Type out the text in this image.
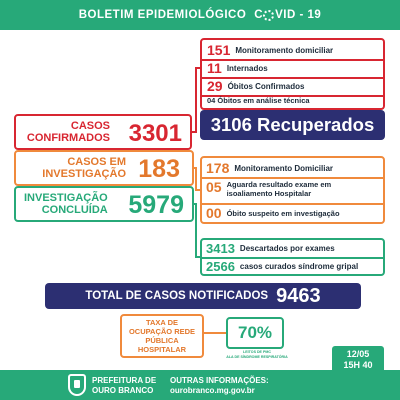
BOLETIM EPIDEMIOLÓGICO C VID - 19
151 Monitoramento domiciliar
11 Internados
29 Óbitos Confirmados
04 Óbitos em análise técnica
3106 Recuperados
CASOS
CONFIRMADOS 3301
CASOS EM
INVESTIGAÇÃO 183
INVESTIGAÇÃO
CONCLUÍDA 5979
178 Monitoramento Domiciliar
05 Aguarda resultado exame em
isoaliamento Hospitalar
00 Óbito suspeito em investigação
3413 Descartados por exames
2566 casos curados síndrome gripal
TOTAL DE CASOS NOTIFICADOS 9463
TAXA DE
OCUPAÇÃO REDE
PÚBLICA
HOSPITALAR
70%
LEITOS DE PMC
ALA DE SÍNDROME RESPIRATÓRIA	12/05
15H 40
PREFEITURA DE
OURO BRANCO
OUTRAS INFORMAÇÕES:
ourobranco.mg.gov.br
